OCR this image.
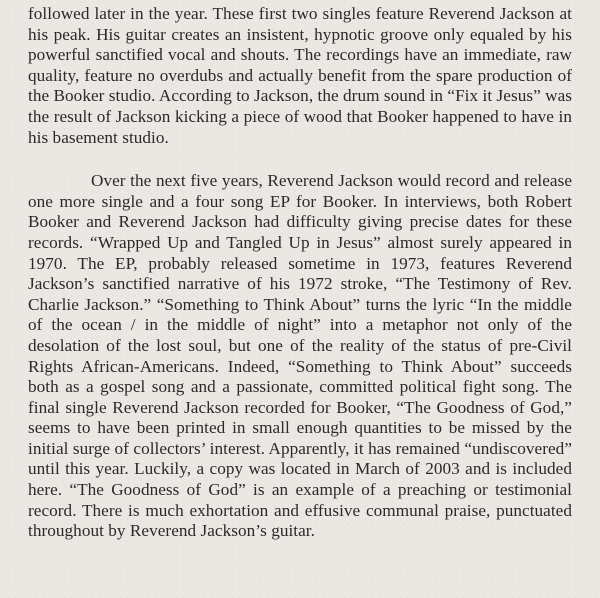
followed later in the year. These first two singles feature Reverend Jackson at his peak. His guitar creates an insistent, hypnotic groove only equaled by his powerful sanctified vocal and shouts. The recordings have an immediate, raw quality, feature no overdubs and actually benefit from the spare production of the Booker studio. According to Jackson, the drum sound in “Fix it Jesus” was the result of Jackson kicking a piece of wood that Booker happened to have in his basement studio.

Over the next five years, Reverend Jackson would record and release one more single and a four song EP for Booker. In interviews, both Robert Booker and Reverend Jackson had difficulty giving precise dates for these records. “Wrapped Up and Tangled Up in Jesus” almost surely appeared in 1970. The EP, probably released sometime in 1973, features Reverend Jackson’s sanctified narrative of his 1972 stroke, “The Testimony of Rev. Charlie Jackson.” “Something to Think About” turns the lyric “In the middle of the ocean / in the middle of night” into a metaphor not only of the desolation of the lost soul, but one of the reality of the status of pre-Civil Rights African-Americans. Indeed, “Something to Think About” succeeds both as a gospel song and a passionate, committed political fight song. The final single Reverend Jackson recorded for Booker, “The Goodness of God,” seems to have been printed in small enough quantities to be missed by the initial surge of collectors’ interest. Apparently, it has remained “undiscovered” until this year. Luckily, a copy was located in March of 2003 and is included here. “The Goodness of God” is an example of a preaching or testimonial record. There is much exhortation and effusive communal praise, punctuated throughout by Reverend Jackson’s guitar.
